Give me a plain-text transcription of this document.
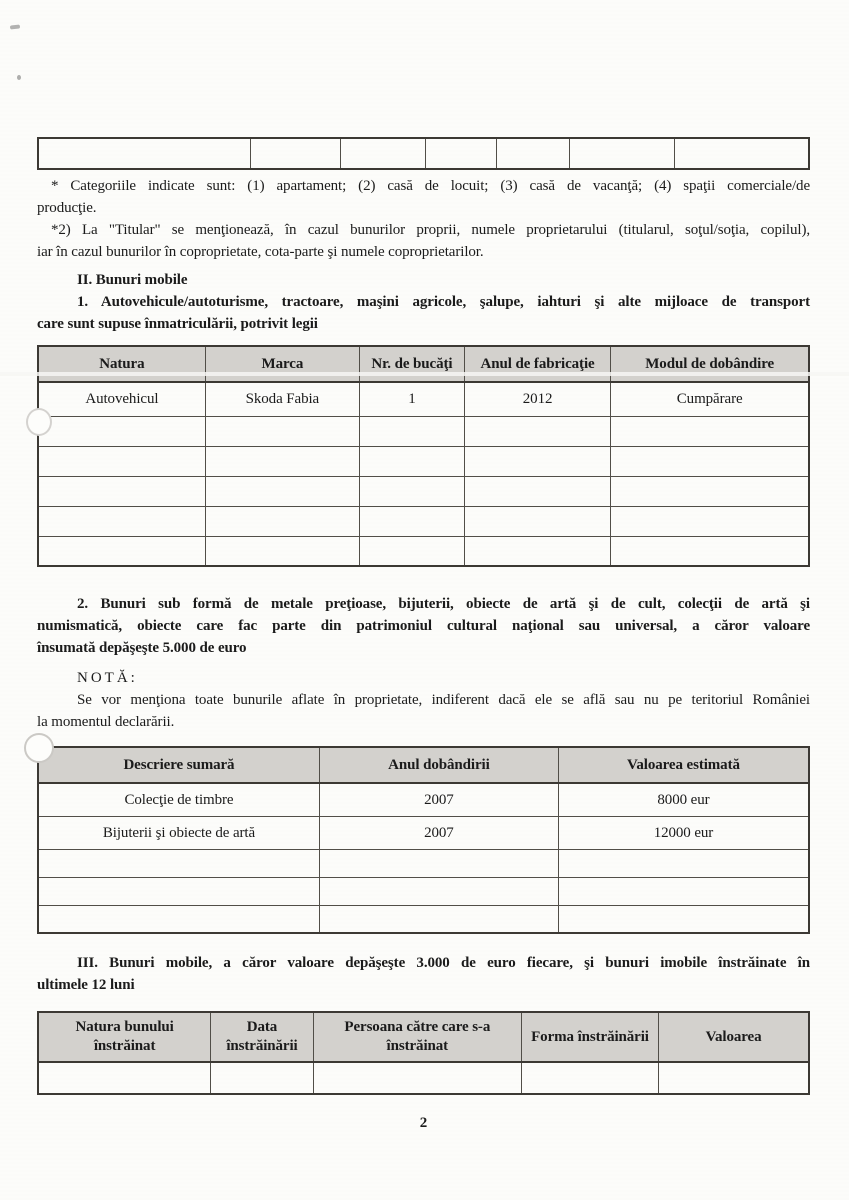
* Categoriile indicate sunt: (1) apartament; (2) casă de locuit; (3) casă de vacanţă; (4) spaţii comerciale/de
producţie.
*2) La "Titular" se menţionează, în cazul bunurilor proprii, numele proprietarului (titularul, soţul/soţia, copilul),
iar în cazul bunurilor în coproprietate, cota-parte şi numele coproprietarilor.
II. Bunuri mobile
1. Autovehicule/autoturisme, tractoare, maşini agricole, şalupe, iahturi şi alte mijloace de transport
care sunt supuse înmatriculării, potrivit legii
Natura	Marca	Nr. de bucăţi	Anul de fabricaţie	Modul de dobândire
Autovehicul	Skoda Fabia	1	2012	Cumpărare

2. Bunuri sub formă de metale preţioase, bijuterii, obiecte de artă şi de cult, colecţii de artă şi
numismatică, obiecte care fac parte din patrimoniul cultural naţional sau universal, a căror valoare
însumată depăşeşte 5.000 de euro
NOTĂ:
Se vor menţiona toate bunurile aflate în proprietate, indiferent dacă ele se află sau nu pe teritoriul României
la momentul declarării.
Descriere sumară	Anul dobândirii	Valoarea estimată
Colecţie de timbre	2007	8000 eur
Bijuterii şi obiecte de artă	2007	12000 eur

III. Bunuri mobile, a căror valoare depăşeşte 3.000 de euro fiecare, şi bunuri imobile înstrăinate în
ultimele 12 luni
Natura bunului înstrăinat	Data înstrăinării	Persoana către care s-a înstrăinat	Forma înstrăinării	Valoarea

2
